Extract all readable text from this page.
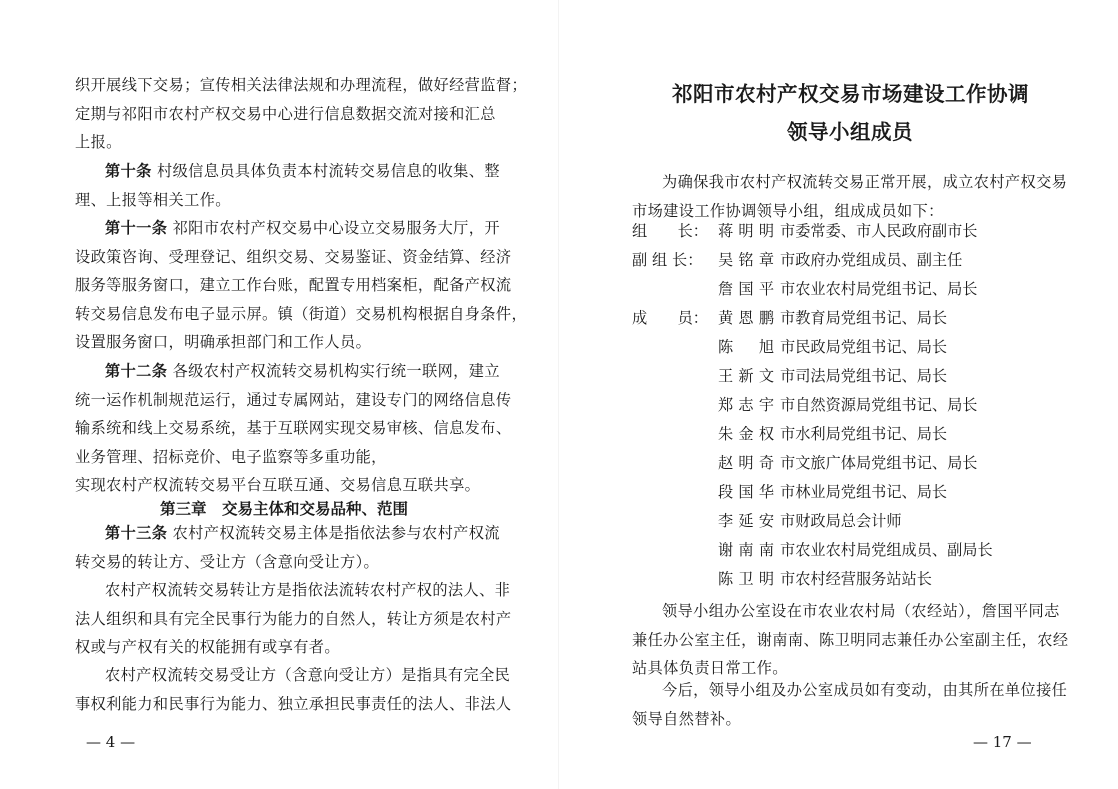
织开展线下交易；宣传相关法律法规和办理流程，做好经营监督；
定期与祁阳市农村产权交易中心进行信息数据交流对接和汇总
上报。
第十条 村级信息员具体负责本村流转交易信息的收集、整
理、上报等相关工作。
第十一条 祁阳市农村产权交易中心设立交易服务大厅，开
设政策咨询、受理登记、组织交易、交易鉴证、资金结算、经济
服务等服务窗口，建立工作台账，配置专用档案柜，配备产权流
转交易信息发布电子显示屏。镇（街道）交易机构根据自身条件，
设置服务窗口，明确承担部门和工作人员。
第十二条 各级农村产权流转交易机构实行统一联网，建立
统一运作机制规范运行，通过专属网站，建设专门的网络信息传
输系统和线上交易系统，基于互联网实现交易审核、信息发布、
业务管理、招标竞价、电子监察等多重功能，
实现农村产权流转交易平台互联互通、交易信息互联共享。
第三章　交易主体和交易品种、范围
第十三条 农村产权流转交易主体是指依法参与农村产权流
转交易的转让方、受让方（含意向受让方）。
农村产权流转交易转让方是指依法流转农村产权的法人、非
法人组织和具有完全民事行为能力的自然人，转让方须是农村产
权或与产权有关的权能拥有或享有者。
农村产权流转交易受让方（含意向受让方）是指具有完全民
事权利能力和民事行为能力、独立承担民事责任的法人、非法人
— 4 —
祁阳市农村产权交易市场建设工作协调
领导小组成员
为确保我市农村产权流转交易正常开展，成立农村产权交易
市场建设工作协调领导小组，组成成员如下：
组　　长： 蒋明明 市委常委、市人民政府副市长
副 组 长：	吴铭章 市政府办党组成员、副主任
詹国平 市农业农村局党组书记、局长
成　　员： 黄恩鹏 市教育局党组书记、局长
陈旭 市民政局党组书记、局长
王新文 市司法局党组书记、局长
郑志宇 市自然资源局党组书记、局长
朱金权 市水利局党组书记、局长
赵明奇 市文旅广体局党组书记、局长
段国华 市林业局党组书记、局长
李延安 市财政局总会计师
谢南南 市农业农村局党组成员、副局长
陈卫明 市农村经营服务站站长
领导小组办公室设在市农业农村局（农经站），詹国平同志
兼任办公室主任，谢南南、陈卫明同志兼任办公室副主任，农经
站具体负责日常工作。
今后，领导小组及办公室成员如有变动，由其所在单位接任
领导自然替补。
— 17 —
